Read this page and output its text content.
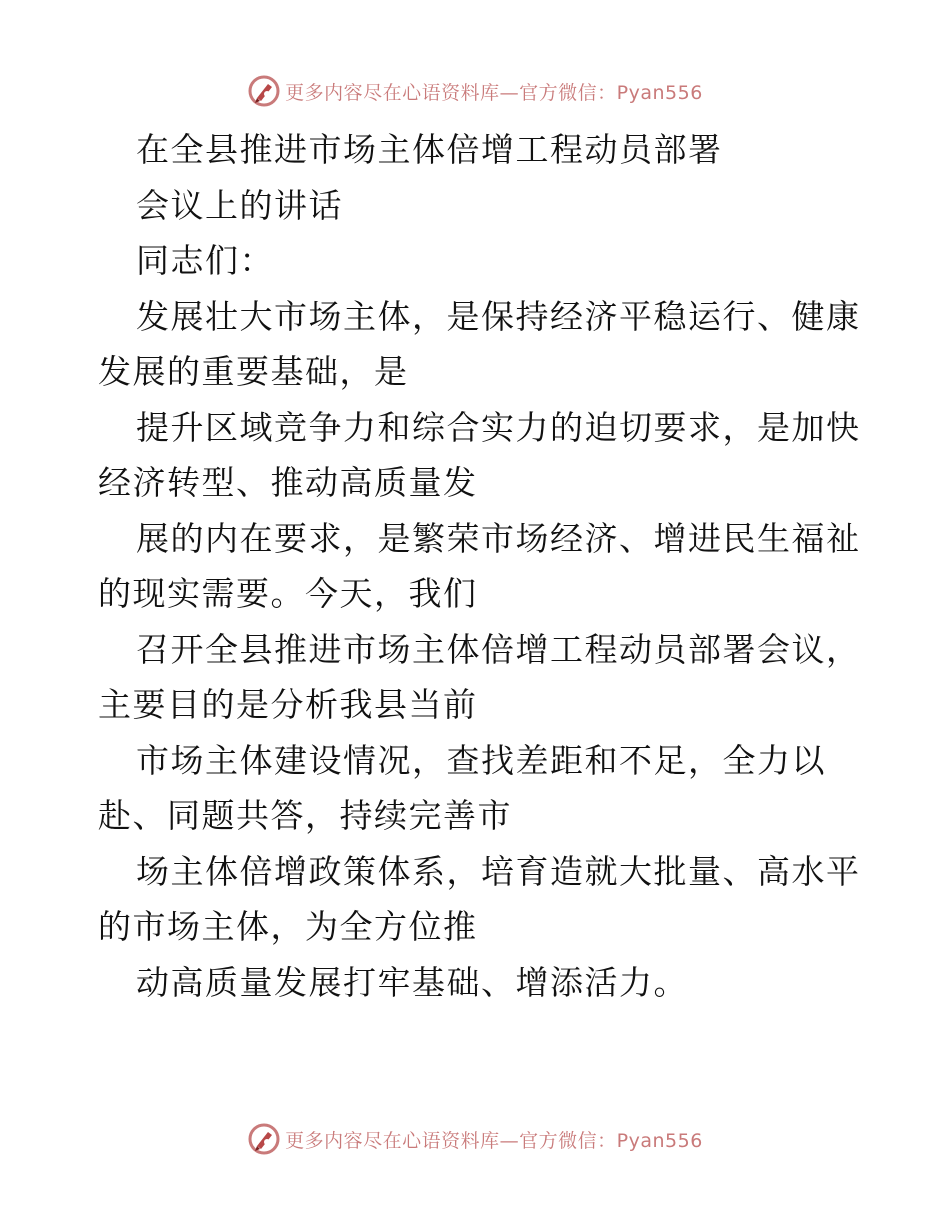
更多内容尽在心语资料库—官方微信：Pyan556
在全县推进市场主体倍增工程动员部署
会议上的讲话
同志们：
发展壮大市场主体，是保持经济平稳运行、健康
发展的重要基础，是
提升区域竞争力和综合实力的迫切要求，是加快
经济转型、推动高质量发
展的内在要求，是繁荣市场经济、增进民生福祉
的现实需要。今天，我们
召开全县推进市场主体倍增工程动员部署会议，
主要目的是分析我县当前
市场主体建设情况，查找差距和不足，全力以
赴、同题共答，持续完善市
场主体倍增政策体系，培育造就大批量、高水平
的市场主体，为全方位推
动高质量发展打牢基础、增添活力。
更多内容尽在心语资料库—官方微信：Pyan556
